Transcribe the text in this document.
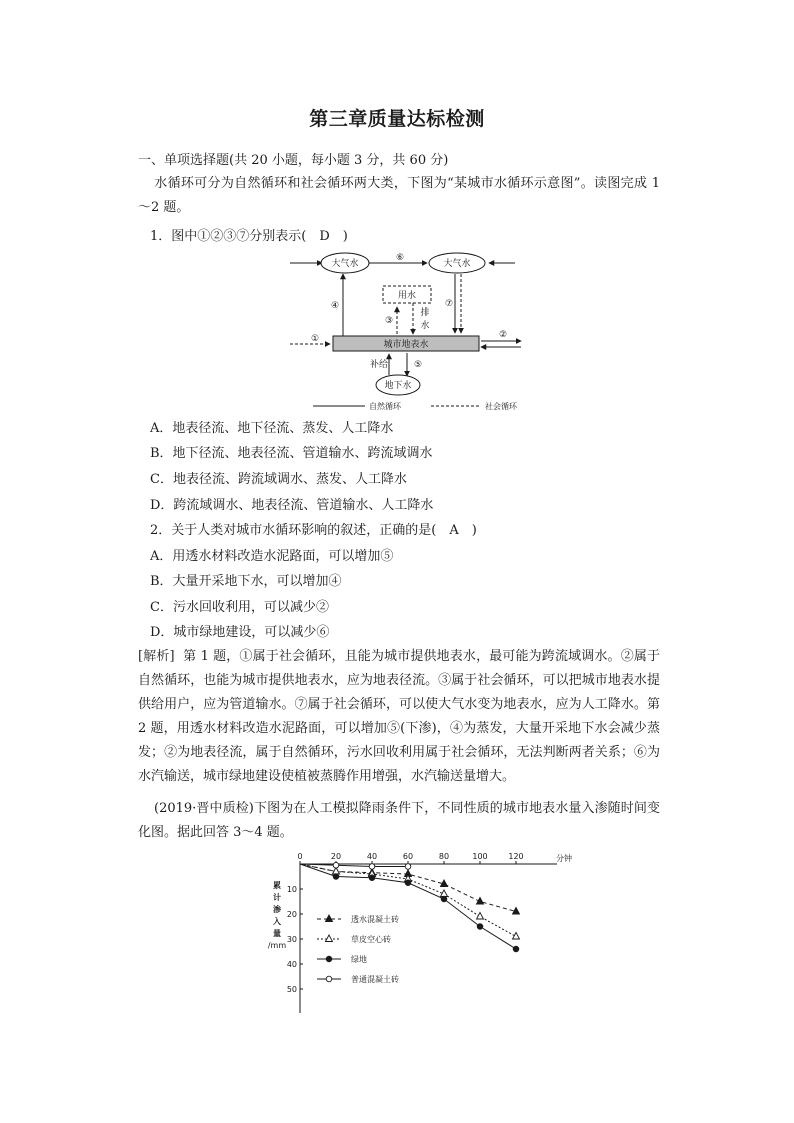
第三章质量达标检测
一、单项选择题(共 20 小题，每小题 3 分，共 60 分)
水循环可分为自然循环和社会循环两大类，下图为“某城市水循环示意图”。读图完成 1～2 题。
1．图中①②③⑦分别表示(　D　)
大气水	大气水
用水
城市地表水
地下水
排
水
补给
⑥
④	⑦
③
①	②
⑤
自然循环	社会循环
A．地表径流、地下径流、蒸发、人工降水
B．地下径流、地表径流、管道输水、跨流域调水
C．地表径流、跨流域调水、蒸发、人工降水
D．跨流域调水、地表径流、管道输水、人工降水
2．关于人类对城市水循环影响的叙述，正确的是(　A　)
A．用透水材料改造水泥路面，可以增加⑤
B．大量开采地下水，可以增加④
C．污水回收利用，可以减少②
D．城市绿地建设，可以减少⑥
[解析] 第 1 题，①属于社会循环，且能为城市提供地表水，最可能为跨流域调水。②属于自然循环，也能为城市提供地表水，应为地表径流。③属于社会循环，可以把城市地表水提供给用户，应为管道输水。⑦属于社会循环，可以使大气水变为地表水，应为人工降水。第 2 题，用透水材料改造水泥路面，可以增加⑤(下渗)，④为蒸发，大量开采地下水会减少蒸发；②为地表径流，属于自然循环，污水回收利用属于社会循环，无法判断两者关系；⑥为水汽输送，城市绿地建设使植被蒸腾作用增强，水汽输送量增大。
(2019·晋中质检)下图为在人工模拟降雨条件下，不同性质的城市地表水量入渗随时间变化图。据此回答 3～4 题。
0	20	40	60	80	100	120
10
20
30
40
50
分钟
累
计
渗
入
量
/mm
透水混凝土砖
草皮空心砖
绿地
普通混凝土砖
